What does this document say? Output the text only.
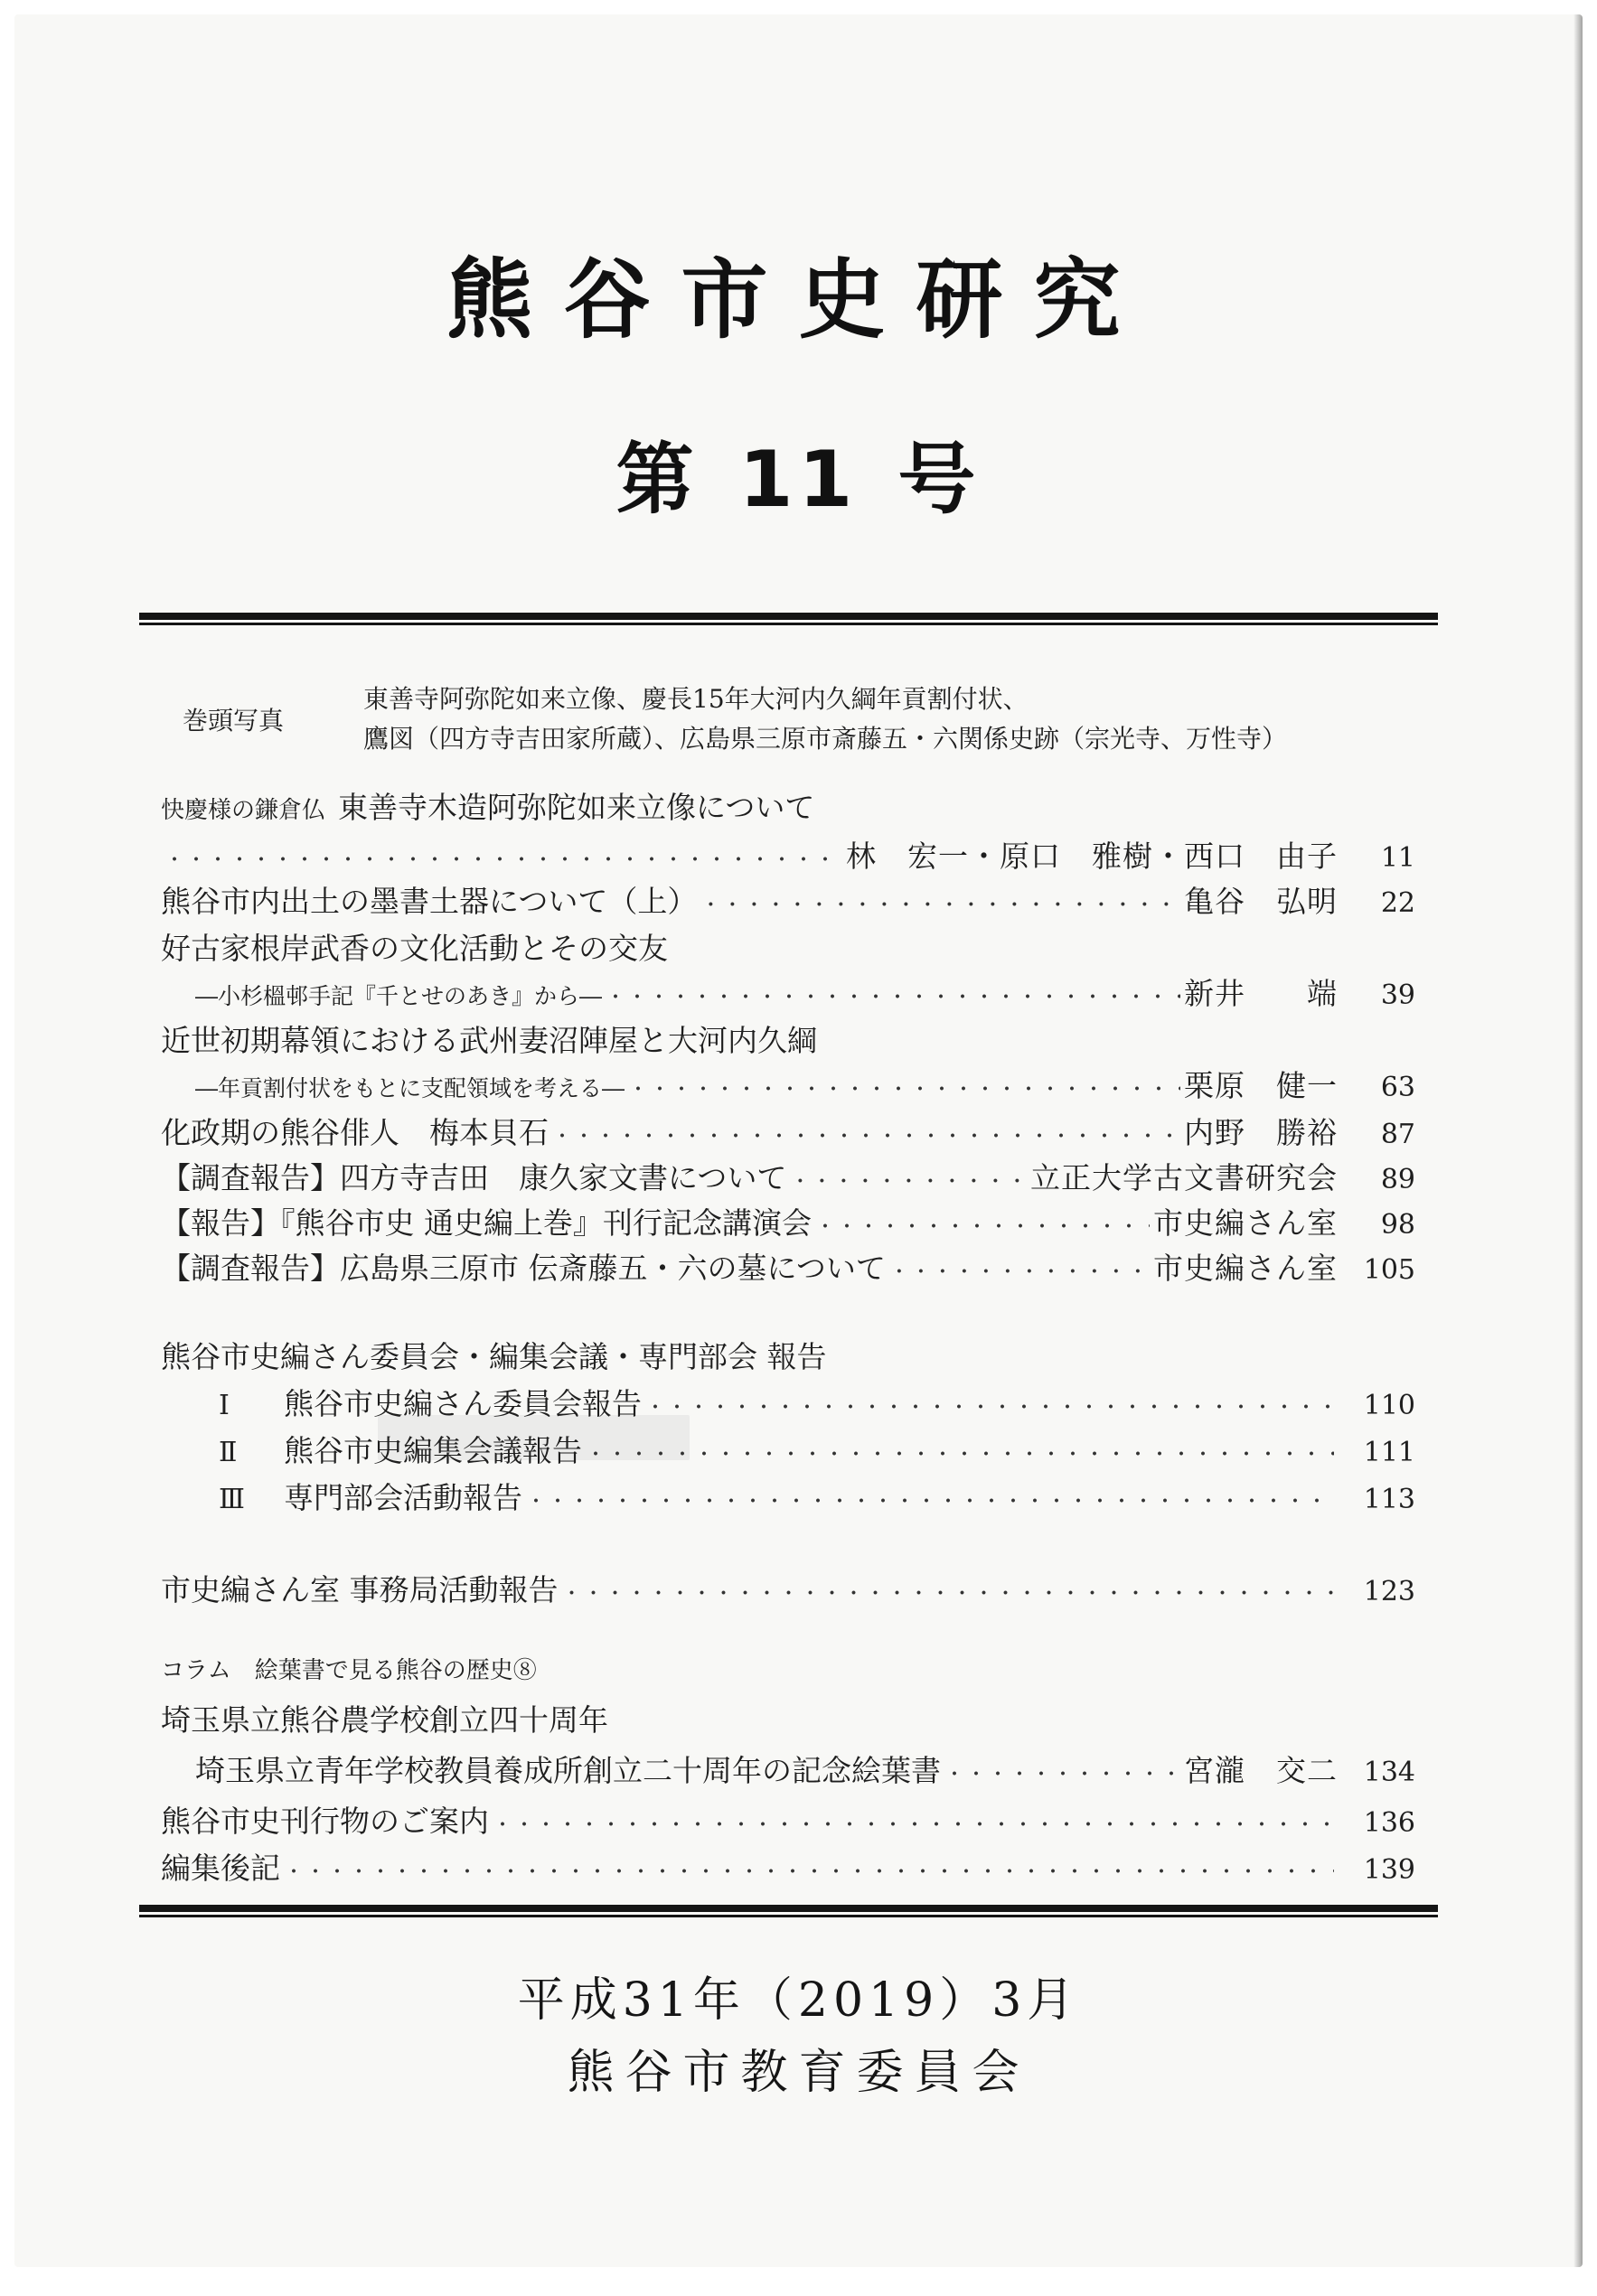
熊谷市史研究
第 11 号
巻頭写真
東善寺阿弥陀如来立像、慶長15年大河内久綱年貢割付状、
鷹図（四方寺吉田家所蔵）、広島県三原市斎藤五・六関係史跡（宗光寺、万性寺）
快慶様の鎌倉仏 東善寺木造阿弥陀如来立像について
・・・・・・・・・・・・・・・・・・・・・・・・・・・・・・・・・・・・・・・・・・・・・・・・・・・・・・・・・・・・・・・・・・・・・・・・・・・・・・・・・・・・・・・・・・・・・・・・・・・・
林　宏一・原口　雅樹・西口　由子	11
熊谷市内出土の墨書土器について（上） ・・・・・・・・・・・・・・・・・・・・・・・・・・・・・・・・・・・・・・・・・・・・・・・・・・・・・・・・・・・・・・・・・・・・・・・・・・・・・・・・・・・・・・・・・・・・・・・・・・・・	亀谷　弘明	22
好古家根岸武香の文化活動とその交友
―小杉榲邨手記『千とせのあき』から― ・・・・・・・・・・・・・・・・・・・・・・・・・・・・・・・・・・・・・・・・・・・・・・・・・・・・・・・・・・・・・・・・・・・・・・・・・・・・・・・・・・・・・・・・・・・・・・・・・・・・	新井　　端	39
近世初期幕領における武州妻沼陣屋と大河内久綱
―年貢割付状をもとに支配領域を考える― ・・・・・・・・・・・・・・・・・・・・・・・・・・・・・・・・・・・・・・・・・・・・・・・・・・・・・・・・・・・・・・・・・・・・・・・・・・・・・・・・・・・・・・・・・・・・・・・・・・・・	栗原　健一	63
化政期の熊谷俳人　梅本貝石 ・・・・・・・・・・・・・・・・・・・・・・・・・・・・・・・・・・・・・・・・・・・・・・・・・・・・・・・・・・・・・・・・・・・・・・・・・・・・・・・・・・・・・・・・・・・・・・・・・・・・	内野　勝裕	87
【調査報告】四方寺吉田　康久家文書について ・・・・・・・・・・・・・・・・・・・・・・・・・・・・・・・・・・・・・・・・・・・・・・・・・・・・・・・・・・・・・・・・・・・・・・・・・・・・・・・・・・・・・・・・・・・・・・・・・・・・	立正大学古文書研究会	89
【報告】『熊谷市史 通史編上巻』刊行記念講演会 ・・・・・・・・・・・・・・・・・・・・・・・・・・・・・・・・・・・・・・・・・・・・・・・・・・・・・・・・・・・・・・・・・・・・・・・・・・・・・・・・・・・・・・・・・・・・・・・・・・・・	市史編さん室	98
【調査報告】広島県三原市 伝斎藤五・六の墓について ・・・・・・・・・・・・・・・・・・・・・・・・・・・・・・・・・・・・・・・・・・・・・・・・・・・・・・・・・・・・・・・・・・・・・・・・・・・・・・・・・・・・・・・・・・・・・・・・・・・・	市史編さん室 105
熊谷市史編さん委員会・編集会議・専門部会 報告
Ⅰ	熊谷市史編さん委員会報告 ・・・・・・・・・・・・・・・・・・・・・・・・・・・・・・・・・・・・・・・・・・・・・・・・・・・・・・・・・・・・・・・・・・・・・・・・・・・・・・・・・・・・・・・・・・・・・・・・・・・・	110
Ⅱ	熊谷市史編集会議報告 ・・・・・・・・・・・・・・・・・・・・・・・・・・・・・・・・・・・・・・・・・・・・・・・・・・・・・・・・・・・・・・・・・・・・・・・・・・・・・・・・・・・・・・・・・・・・・・・・・・・・	111
Ⅲ	専門部会活動報告 ・・・・・・・・・・・・・・・・・・・・・・・・・・・・・・・・・・・・・・・・・・・・・・・・・・・・・・・・・・・・・・・・・・・・・・・・・・・・・・・・・・・・・・・・・・・・・・・・・・・・	113
市史編さん室 事務局活動報告 ・・・・・・・・・・・・・・・・・・・・・・・・・・・・・・・・・・・・・・・・・・・・・・・・・・・・・・・・・・・・・・・・・・・・・・・・・・・・・・・・・・・・・・・・・・・・・・・・・・・・	123
コラム　絵葉書で見る熊谷の歴史⑧
埼玉県立熊谷農学校創立四十周年
埼玉県立青年学校教員養成所創立二十周年の記念絵葉書 ・・・・・・・・・・・・・・・・・・・・・・・・・・・・・・・・・・・・・・・・・・・・・・・・・・・・・・・・・・・・・・・・・・・・・・・・・・・・・・・・・・・・・・・・・・・・・・・・・・・・	宮瀧　交二 134
熊谷市史刊行物のご案内 ・・・・・・・・・・・・・・・・・・・・・・・・・・・・・・・・・・・・・・・・・・・・・・・・・・・・・・・・・・・・・・・・・・・・・・・・・・・・・・・・・・・・・・・・・・・・・・・・・・・・	136
編集後記 ・・・・・・・・・・・・・・・・・・・・・・・・・・・・・・・・・・・・・・・・・・・・・・・・・・・・・・・・・・・・・・・・・・・・・・・・・・・・・・・・・・・・・・・・・・・・・・・・・・・・	139
平成31年（2019）3月
熊谷市教育委員会
